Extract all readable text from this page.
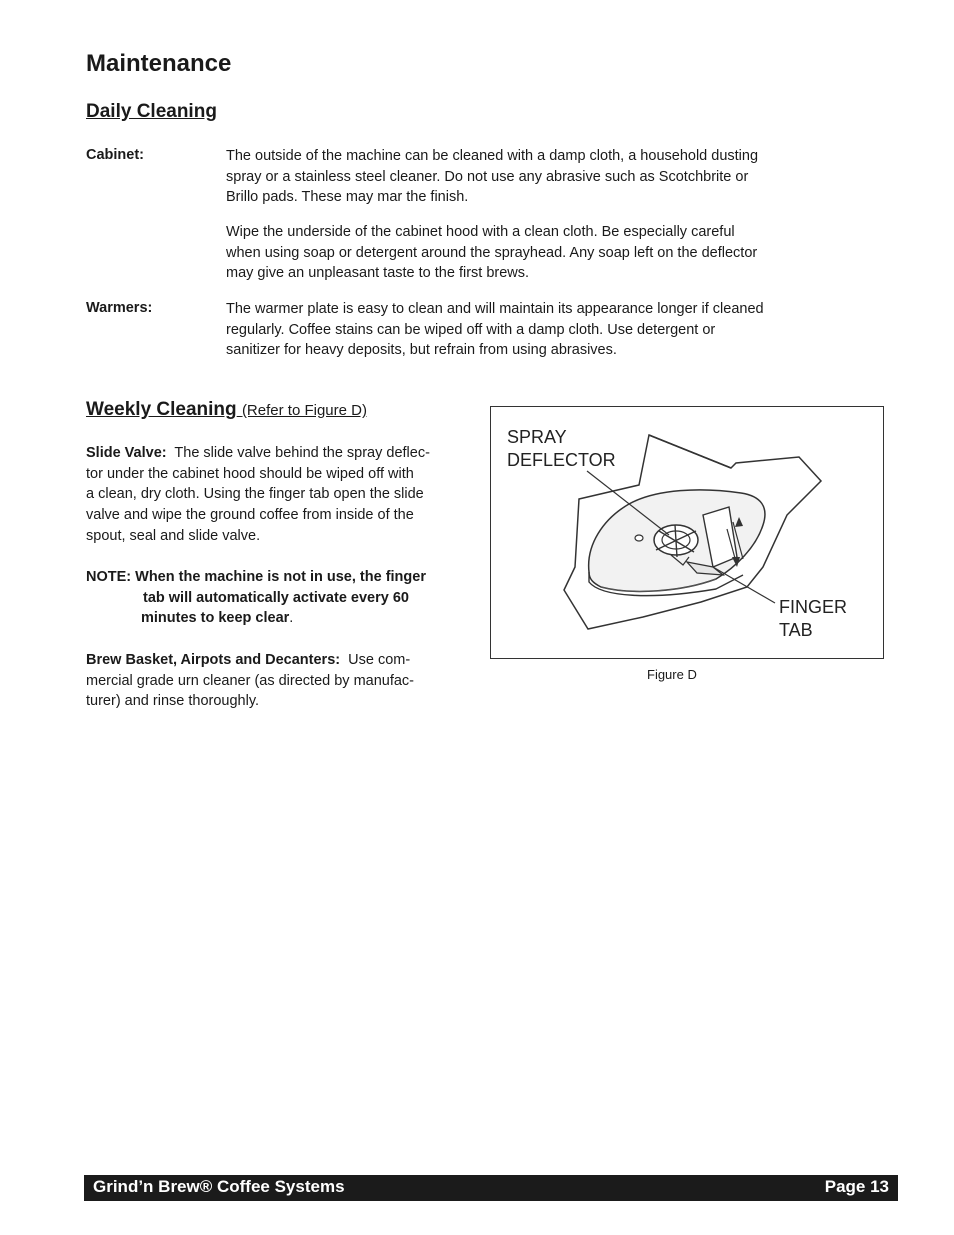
Maintenance
Daily Cleaning
Cabinet:	The outside of the machine can be cleaned with a damp cloth, a household dusting
spray or a stainless steel cleaner. Do not use any abrasive such as Scotchbrite or
Brillo pads. These may mar the finish.

Wipe the underside of the cabinet hood with a clean cloth. Be especially careful
when using soap or detergent around the sprayhead. Any soap left on the deflector
may give an unpleasant taste to the first brews.

Warmers:	The warmer plate is easy to clean and will maintain its appearance longer if cleaned
regularly. Coffee stains can be wiped off with a damp cloth. Use detergent or
sanitizer for heavy deposits, but refrain from using abrasives.

Weekly Cleaning (Refer to Figure D)

Slide Valve: The slide valve behind the spray deflec-
tor under the cabinet hood should be wiped off with
a clean, dry cloth. Using the finger tab open the slide
valve and wipe the ground coffee from inside of the
spout, seal and slide valve.

NOTE: When the machine is not in use, the finger
tab will automatically activate every 60
minutes to keep clear.

Brew Basket, Airpots and Decanters: Use com-
mercial grade urn cleaner (as directed by manufac-
turer) and rinse thoroughly.

SPRAY
DEFLECTOR
FINGER
TAB
Figure D
Grind’n Brew® Coffee Systems	Page 13
